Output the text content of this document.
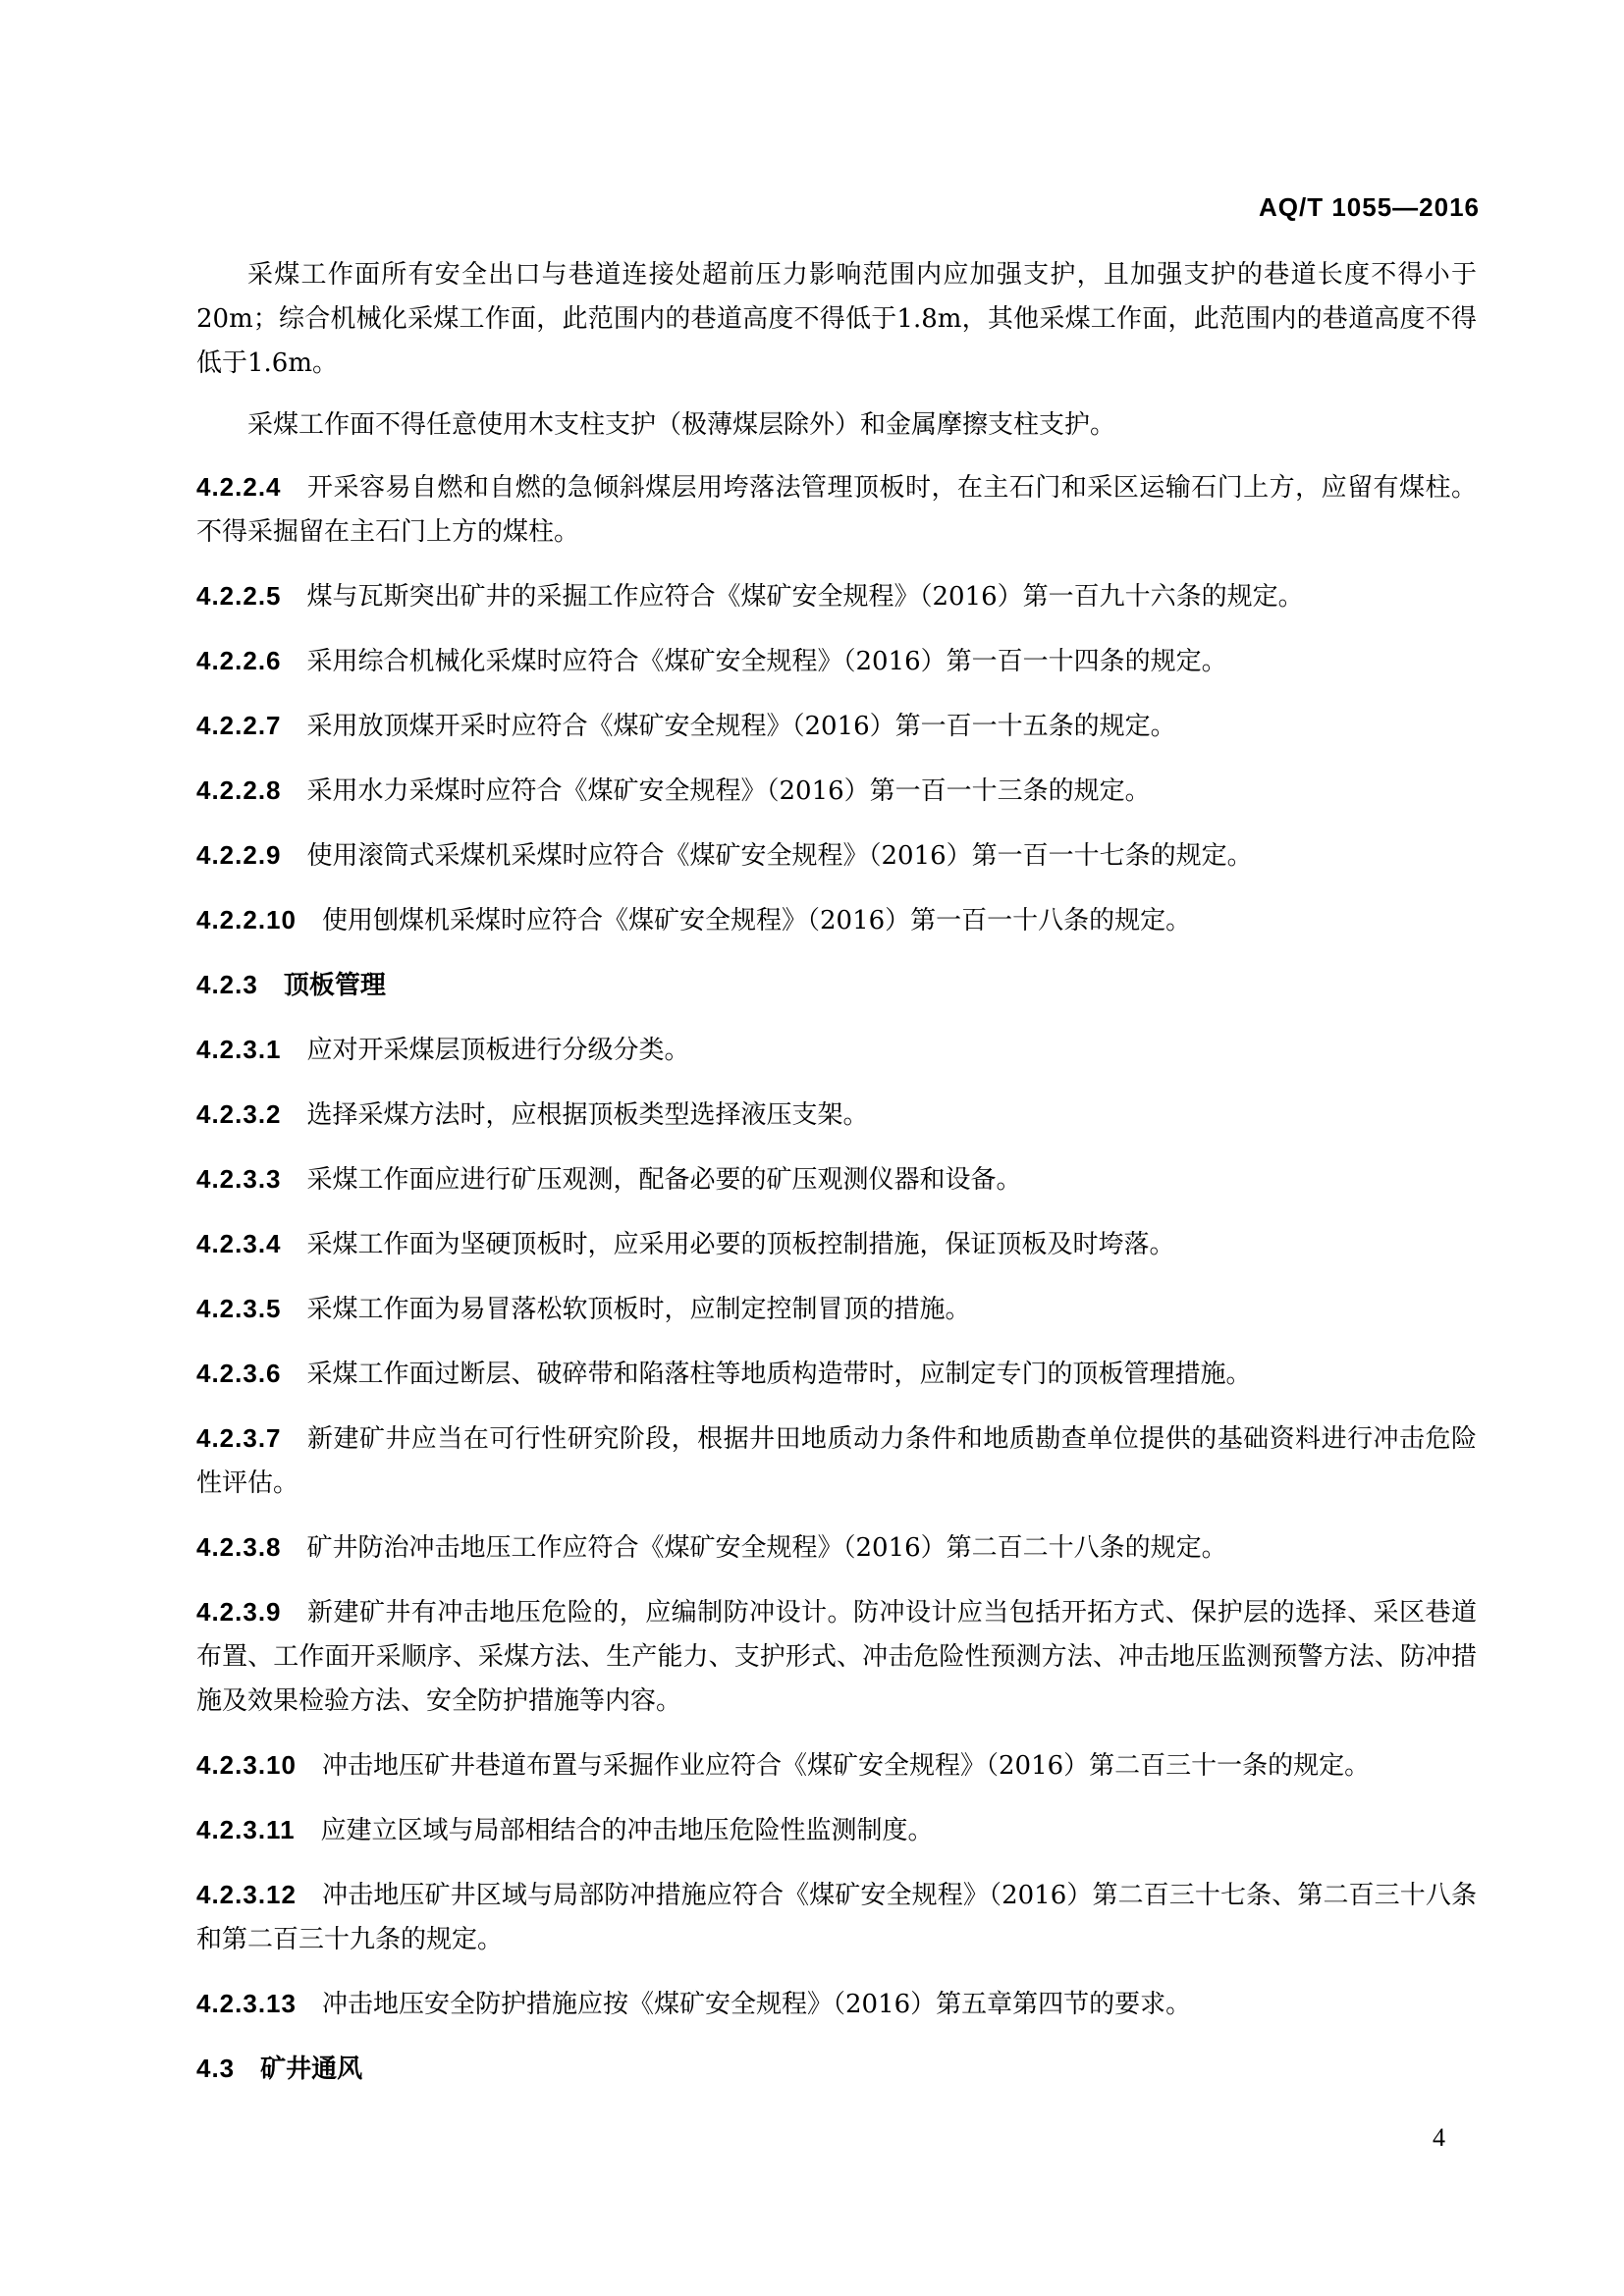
AQ/T 1055—2016

采煤工作面所有安全出口与巷道连接处超前压力影响范围内应加强支护，且加强支护的巷道长度不得小于20m；综合机械化采煤工作面，此范围内的巷道高度不得低于1.8m，其他采煤工作面，此范围内的巷道高度不得低于1.6m。

采煤工作面不得任意使用木支柱支护（极薄煤层除外）和金属摩擦支柱支护。

4.2.2.4 开采容易自燃和自燃的急倾斜煤层用垮落法管理顶板时，在主石门和采区运输石门上方，应留有煤柱。不得采掘留在主石门上方的煤柱。
4.2.2.5 煤与瓦斯突出矿井的采掘工作应符合《煤矿安全规程》（2016）第一百九十六条的规定。
4.2.2.6 采用综合机械化采煤时应符合《煤矿安全规程》（2016）第一百一十四条的规定。
4.2.2.7 采用放顶煤开采时应符合《煤矿安全规程》（2016）第一百一十五条的规定。
4.2.2.8 采用水力采煤时应符合《煤矿安全规程》（2016）第一百一十三条的规定。
4.2.2.9 使用滚筒式采煤机采煤时应符合《煤矿安全规程》（2016）第一百一十七条的规定。
4.2.2.10 使用刨煤机采煤时应符合《煤矿安全规程》（2016）第一百一十八条的规定。
4.2.3 顶板管理
4.2.3.1 应对开采煤层顶板进行分级分类。
4.2.3.2 选择采煤方法时，应根据顶板类型选择液压支架。
4.2.3.3 采煤工作面应进行矿压观测，配备必要的矿压观测仪器和设备。
4.2.3.4 采煤工作面为坚硬顶板时，应采用必要的顶板控制措施，保证顶板及时垮落。
4.2.3.5 采煤工作面为易冒落松软顶板时，应制定控制冒顶的措施。
4.2.3.6 采煤工作面过断层、破碎带和陷落柱等地质构造带时，应制定专门的顶板管理措施。
4.2.3.7 新建矿井应当在可行性研究阶段，根据井田地质动力条件和地质勘查单位提供的基础资料进行冲击危险性评估。
4.2.3.8 矿井防治冲击地压工作应符合《煤矿安全规程》（2016）第二百二十八条的规定。
4.2.3.9 新建矿井有冲击地压危险的，应编制防冲设计。防冲设计应当包括开拓方式、保护层的选择、采区巷道布置、工作面开采顺序、采煤方法、生产能力、支护形式、冲击危险性预测方法、冲击地压监测预警方法、防冲措施及效果检验方法、安全防护措施等内容。
4.2.3.10 冲击地压矿井巷道布置与采掘作业应符合《煤矿安全规程》（2016）第二百三十一条的规定。
4.2.3.11 应建立区域与局部相结合的冲击地压危险性监测制度。
4.2.3.12 冲击地压矿井区域与局部防冲措施应符合《煤矿安全规程》（2016）第二百三十七条、第二百三十八条和第二百三十九条的规定。
4.2.3.13 冲击地压安全防护措施应按《煤矿安全规程》（2016）第五章第四节的要求。
4.3 矿井通风
4
